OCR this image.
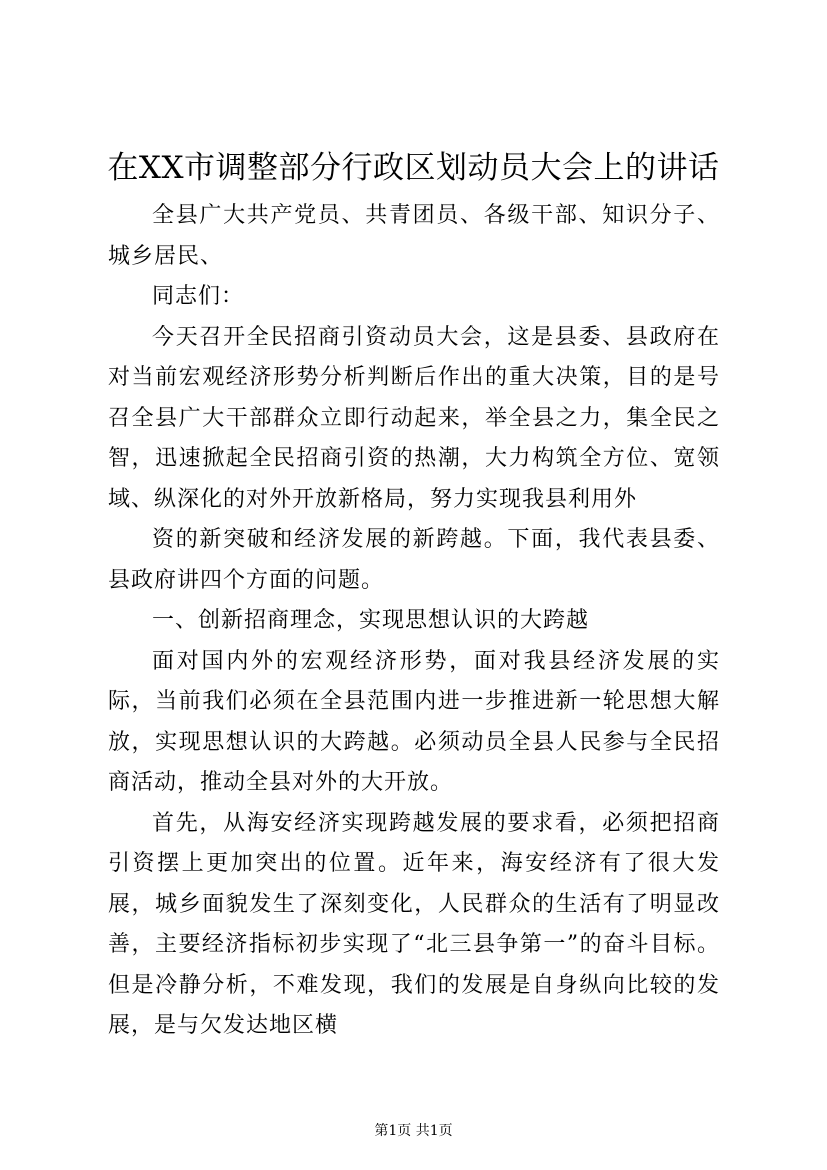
在XX市调整部分行政区划动员大会上的讲话

全县广大共产党员、共青团员、各级干部、知识分子、城乡居民、

同志们：

今天召开全民招商引资动员大会，这是县委、县政府在对当前宏观经济形势分析判断后作出的重大决策，目的是号召全县广大干部群众立即行动起来，举全县之力，集全民之智，迅速掀起全民招商引资的热潮，大力构筑全方位、宽领域、纵深化的对外开放新格局，努力实现我县利用外

资的新突破和经济发展的新跨越。下面，我代表县委、县政府讲四个方面的问题。

一、创新招商理念，实现思想认识的大跨越

面对国内外的宏观经济形势，面对我县经济发展的实际，当前我们必须在全县范围内进一步推进新一轮思想大解放，实现思想认识的大跨越。必须动员全县人民参与全民招商活动，推动全县对外的大开放。

首先，从海安经济实现跨越发展的要求看，必须把招商引资摆上更加突出的位置。近年来，海安经济有了很大发展，城乡面貌发生了深刻变化，人民群众的生活有了明显改善，主要经济指标初步实现了“北三县争第一”的奋斗目标。但是冷静分析，不难发现，我们的发展是自身纵向比较的发展，是与欠发达地区横

第1页 共1页
